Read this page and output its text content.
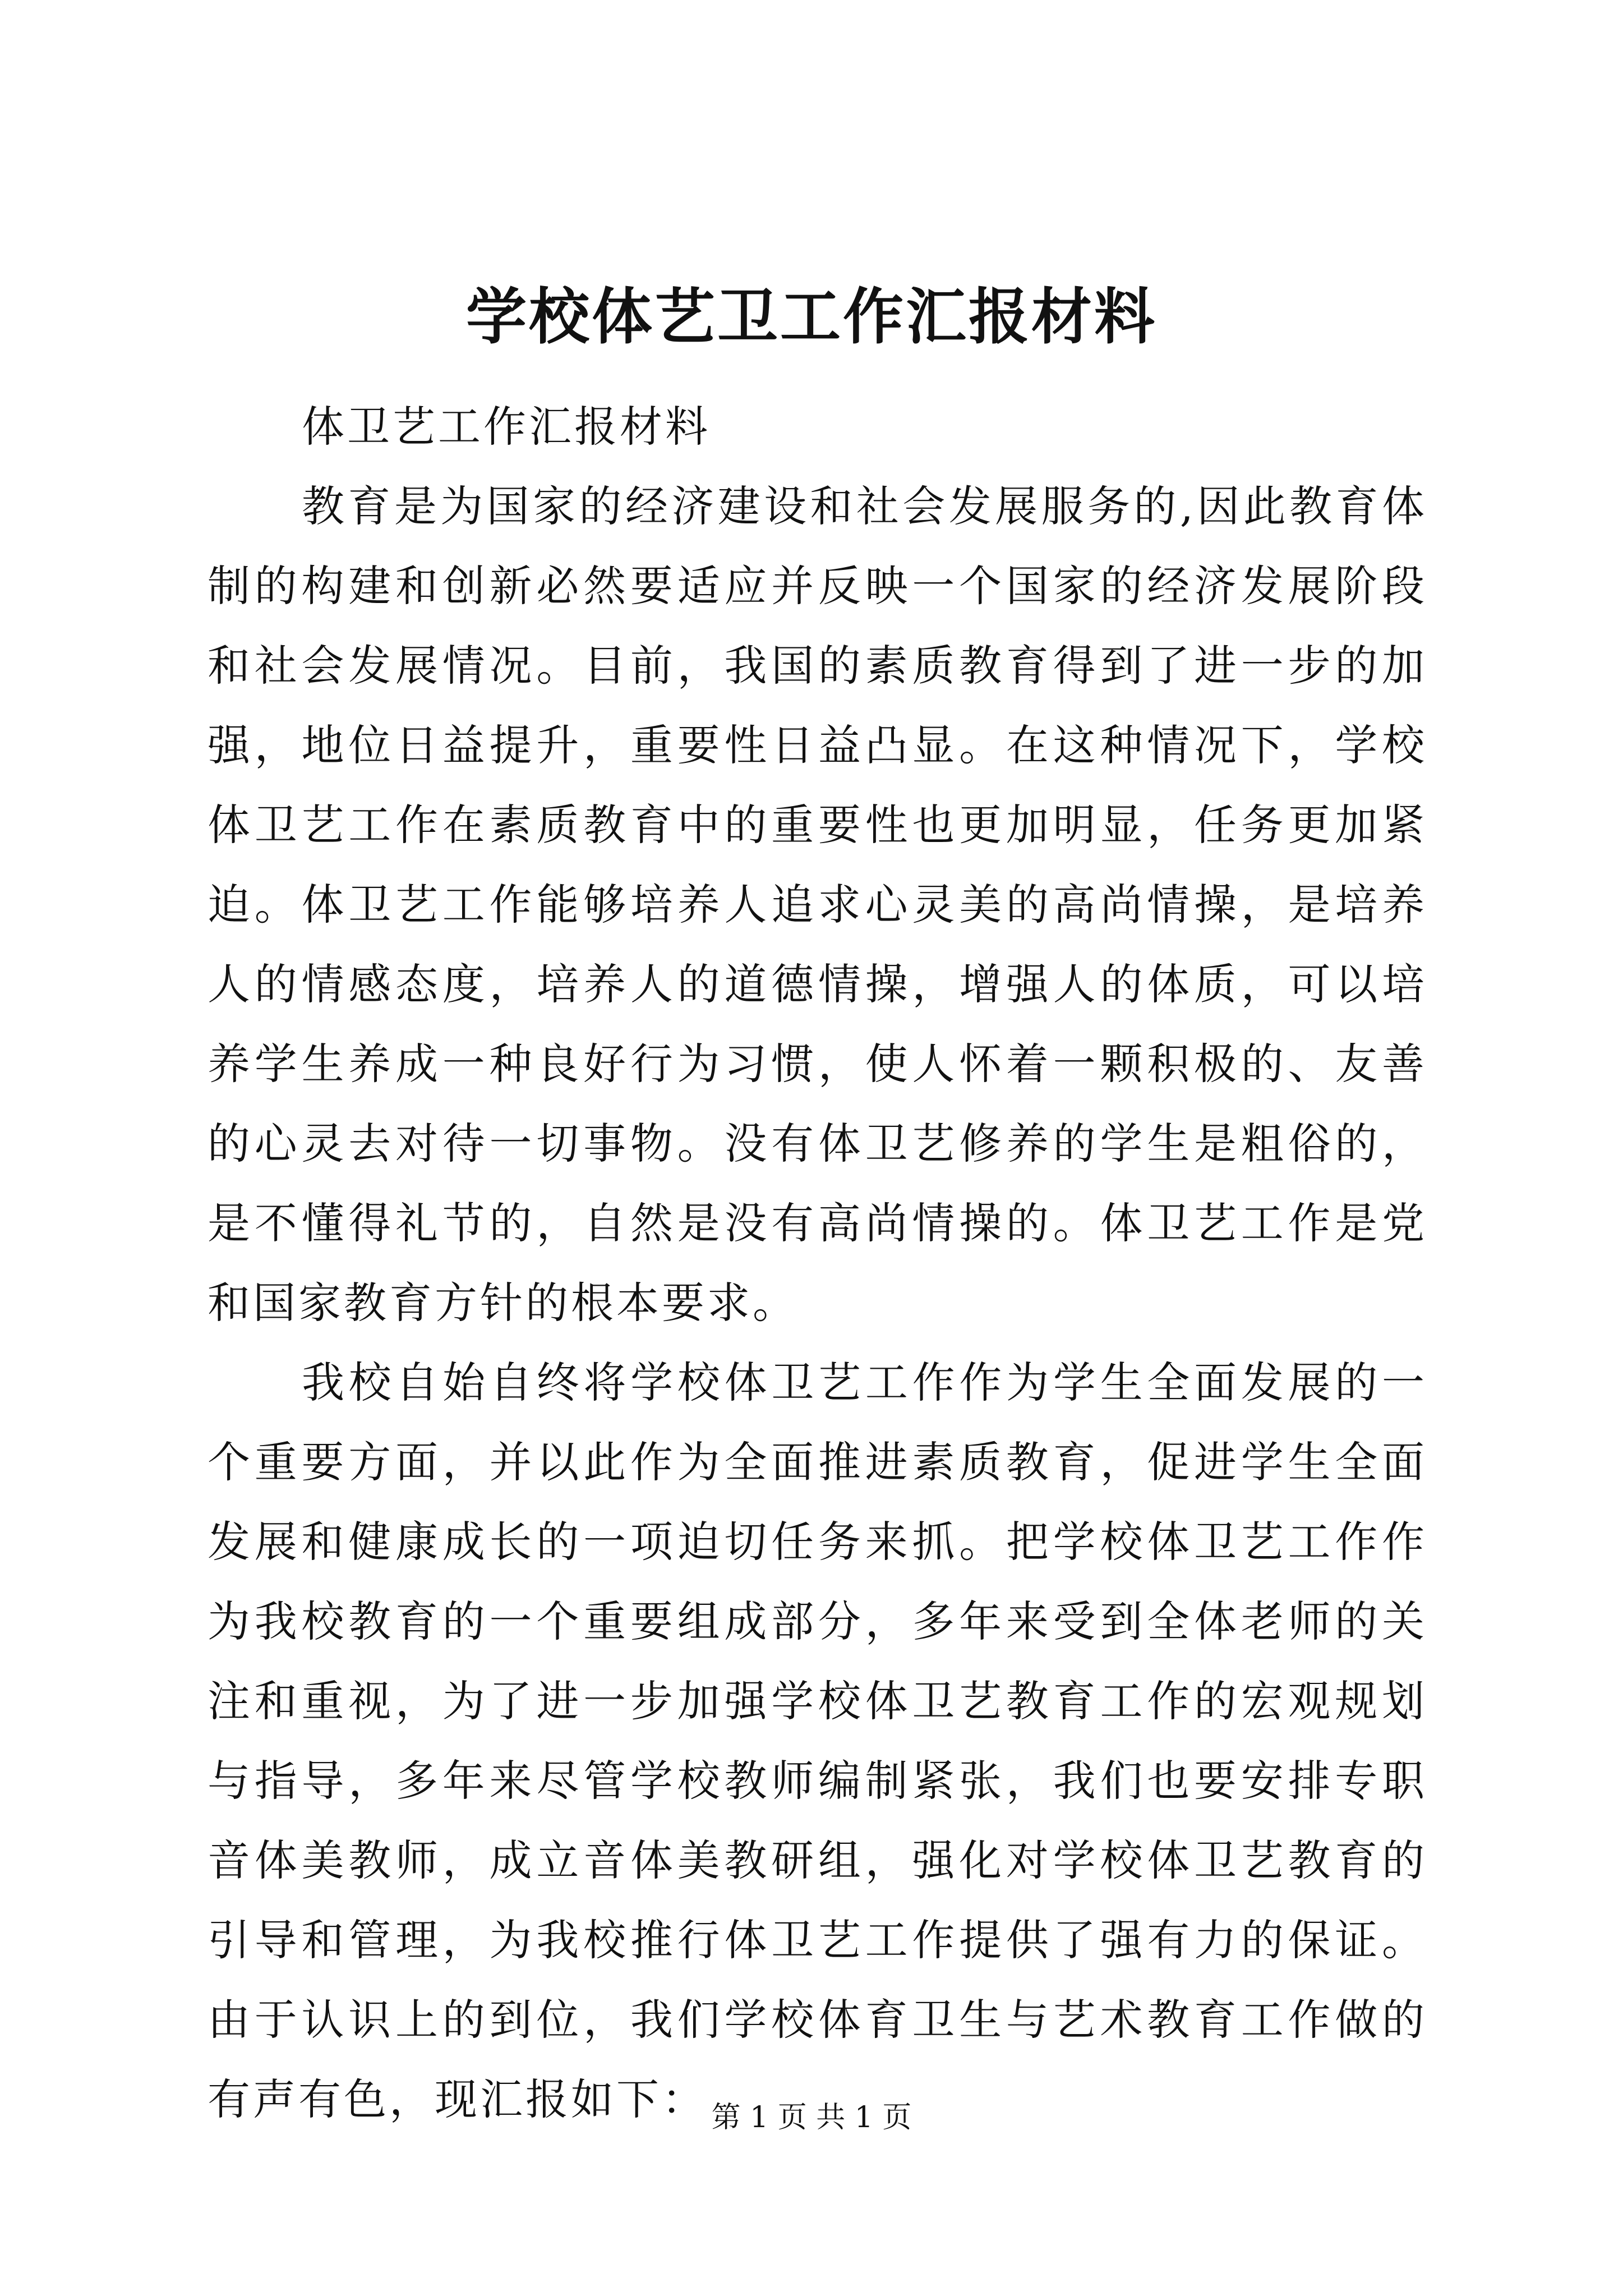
学校体艺卫工作汇报材料

体卫艺工作汇报材料

教育是为国家的经济建设和社会发展服务的,因此教育体制的构建和创新必然要适应并反映一个国家的经济发展阶段和社会发展情况。目前，我国的素质教育得到了进一步的加强，地位日益提升，重要性日益凸显。在这种情况下，学校体卫艺工作在素质教育中的重要性也更加明显，任务更加紧迫。体卫艺工作能够培养人追求心灵美的高尚情操，是培养人的情感态度，培养人的道德情操，增强人的体质，可以培养学生养成一种良好行为习惯，使人怀着一颗积极的、友善的心灵去对待一切事物。没有体卫艺修养的学生是粗俗的，是不懂得礼节的，自然是没有高尚情操的。体卫艺工作是党和国家教育方针的根本要求。

我校自始自终将学校体卫艺工作作为学生全面发展的一个重要方面，并以此作为全面推进素质教育，促进学生全面发展和健康成长的一项迫切任务来抓。把学校体卫艺工作作为我校教育的一个重要组成部分，多年来受到全体老师的关注和重视，为了进一步加强学校体卫艺教育工作的宏观规划与指导，多年来尽管学校教师编制紧张，我们也要安排专职音体美教师，成立音体美教研组，强化对学校体卫艺教育的引导和管理，为我校推行体卫艺工作提供了强有力的保证。由于认识上的到位，我们学校体育卫生与艺术教育工作做的有声有色，现汇报如下： 第 1 页 共 1 页
